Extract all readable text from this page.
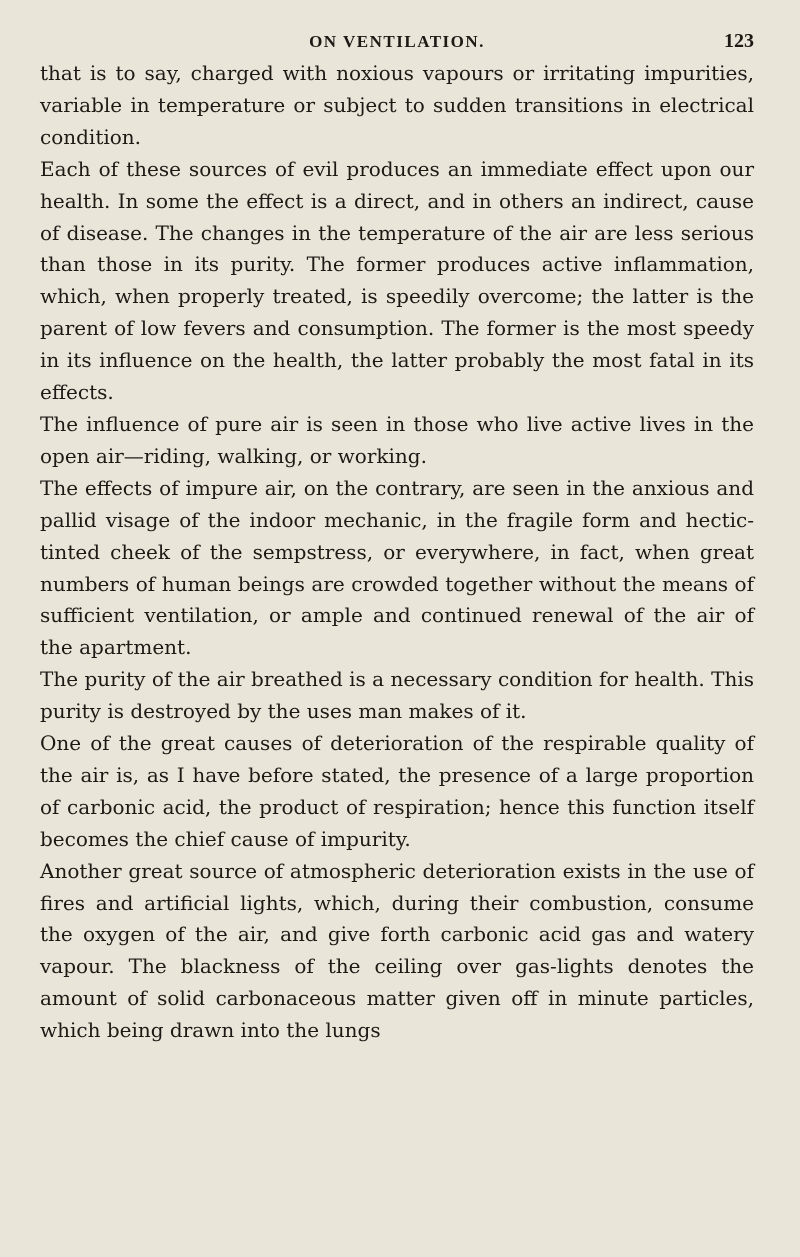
ON VENTILATION.	123

that is to say, charged with noxious vapours or irritating impurities, variable in temperature or subject to sudden transitions in electrical condition.

Each of these sources of evil produces an immediate effect upon our health. In some the effect is a direct, and in others an indirect, cause of disease. The changes in the temperature of the air are less serious than those in its purity. The former produces active inflammation, which, when properly treated, is speedily overcome; the latter is the parent of low fevers and consumption. The former is the most speedy in its influence on the health, the latter probably the most fatal in its effects.

The influence of pure air is seen in those who live active lives in the open air—riding, walking, or working.

The effects of impure air, on the contrary, are seen in the anxious and pallid visage of the indoor mechanic, in the fragile form and hectic-tinted cheek of the sempstress, or everywhere, in fact, when great numbers of human beings are crowded together without the means of sufficient ventilation, or ample and continued renewal of the air of the apartment.

The purity of the air breathed is a necessary condition for health. This purity is destroyed by the uses man makes of it.

One of the great causes of deterioration of the respirable quality of the air is, as I have before stated, the presence of a large proportion of carbonic acid, the product of respiration; hence this function itself becomes the chief cause of impurity.

Another great source of atmospheric deterioration exists in the use of fires and artificial lights, which, during their combustion, consume the oxygen of the air, and give forth carbonic acid gas and watery vapour. The blackness of the ceiling over gas-lights denotes the amount of solid carbonaceous matter given off in minute particles, which being drawn into the lungs
